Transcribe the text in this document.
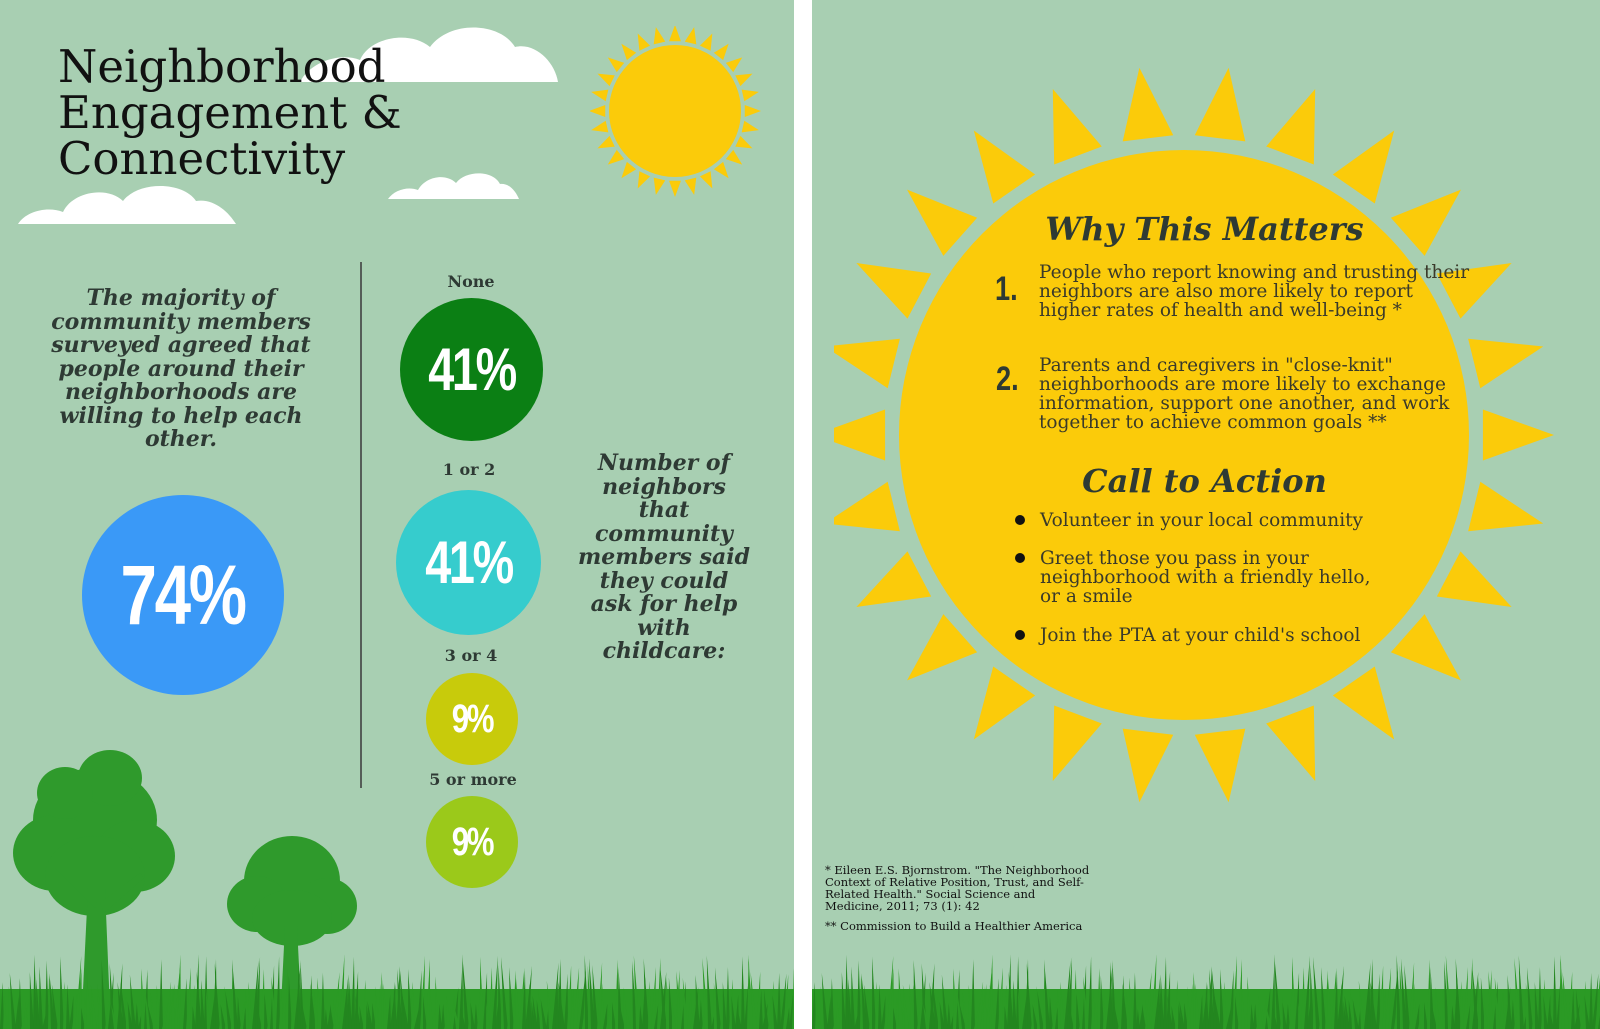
Neighborhood
Engagement &
Connectivity
The majority of community members surveyed agreed that people around their neighborhoods are willing to help each other.
74%
None
41%
1 or 2
41%
3 or 4
9%
5 or more
9%
Number of neighbors that community members said they could ask for help with childcare:
Why This Matters
1. People who report knowing and trusting their neighbors are also more likely to report higher rates of health and well-being *
2. Parents and caregivers in "close-knit" neighborhoods are more likely to exchange information, support one another, and work together to achieve common goals **
Call to Action
Volunteer in your local community
Greet those you pass in your neighborhood with a friendly hello, or a smile
Join the PTA at your child's school
* Eileen E.S. Bjornstrom. "The Neighborhood Context of Relative Position, Trust, and Self-Related Health." Social Science and Medicine, 2011; 73 (1): 42
** Commission to Build a Healthier America
